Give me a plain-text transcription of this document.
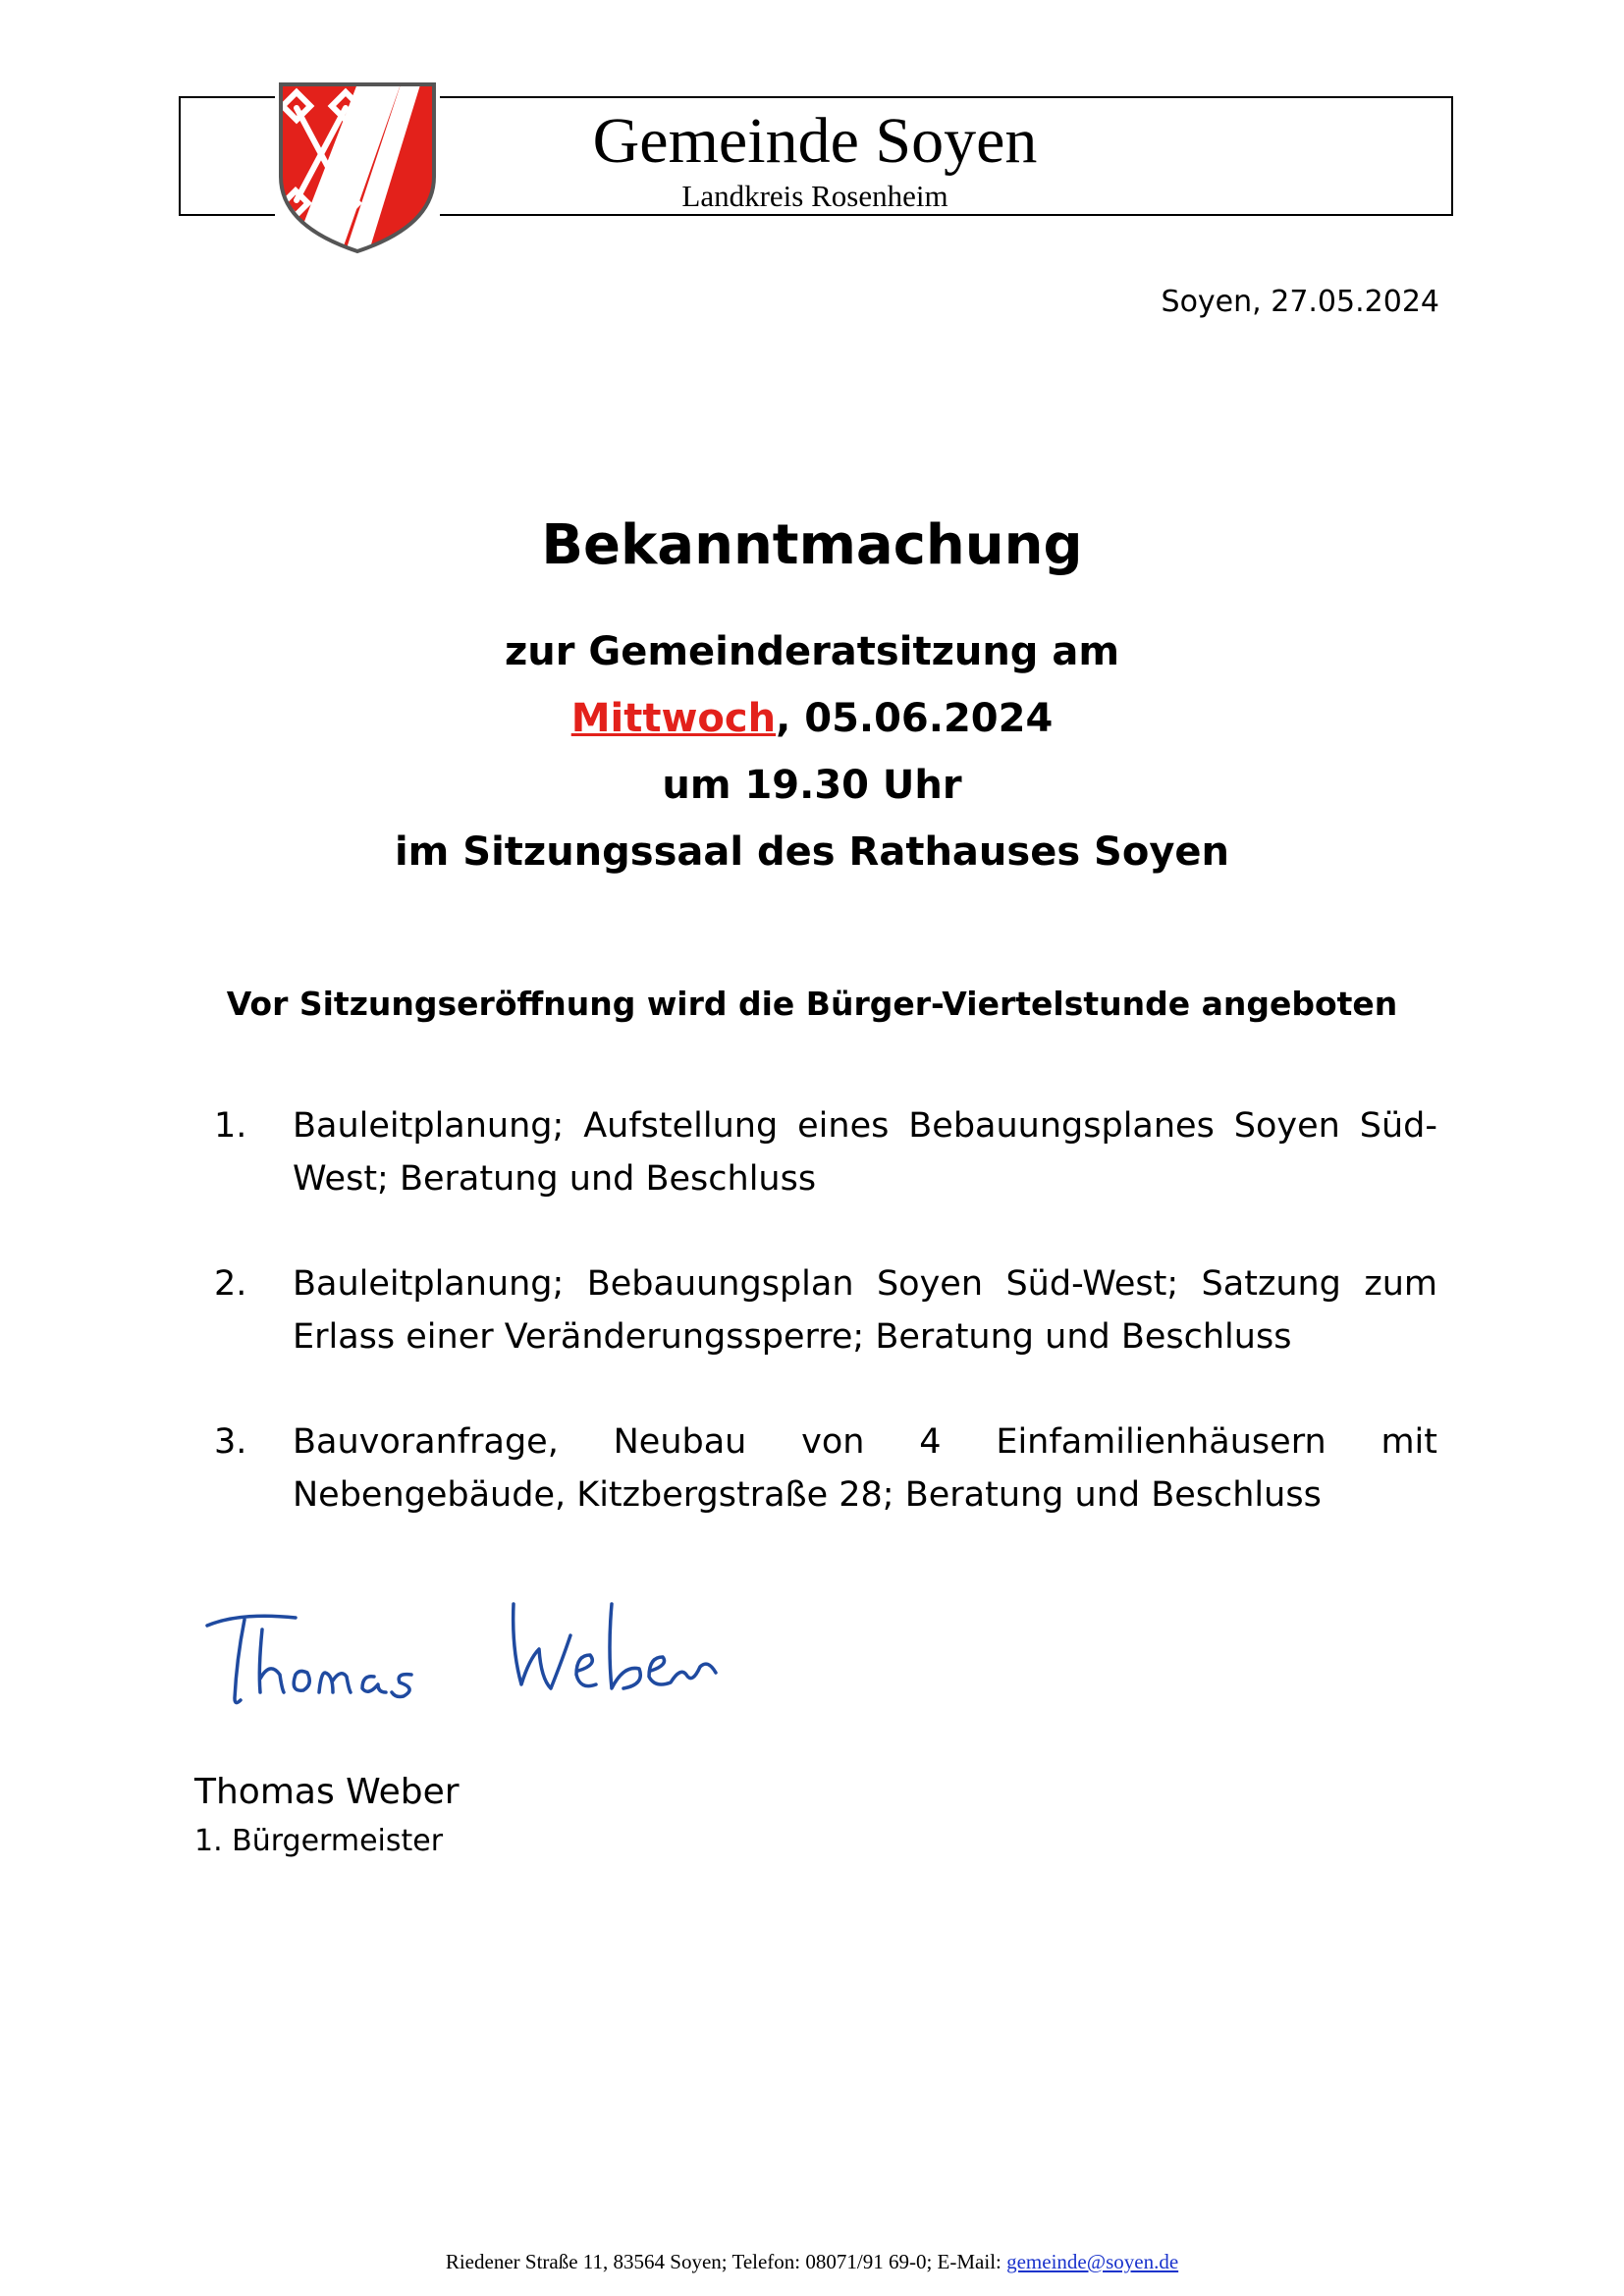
Gemeinde Soyen
Landkreis Rosenheim
Soyen, 27.05.2024
Bekanntmachung
zur Gemeinderatsitzung am
Mittwoch, 05.06.2024
um 19.30 Uhr
im Sitzungssaal des Rathauses Soyen
Vor Sitzungseröffnung wird die Bürger-Viertelstunde angeboten
1. Bauleitplanung; Aufstellung eines Bebauungsplanes Soyen Süd-West; Beratung und Beschluss
2. Bauleitplanung; Bebauungsplan Soyen Süd-West; Satzung zum Erlass einer Veränderungssperre; Beratung und Beschluss
3. Bauvoranfrage, Neubau von 4 Einfamilienhäusern mit Nebengebäude, Kitzbergstraße 28; Beratung und Beschluss
Thomas Weber
1. Bürgermeister
Riedener Straße 11, 83564 Soyen; Telefon: 08071/91 69-0; E-Mail: gemeinde@soyen.de
